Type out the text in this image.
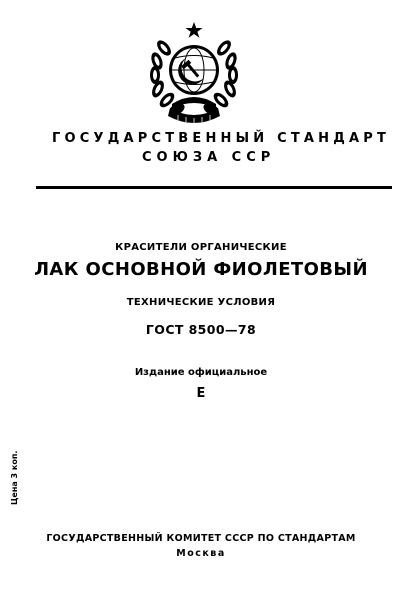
ГОСУДАРСТВЕННЫЙ СТАНДАРТ
СОЮЗА ССР
КРАСИТЕЛИ ОРГАНИЧЕСКИЕ
ЛАК ОСНОВНОЙ ФИОЛЕТОВЫЙ
ТЕХНИЧЕСКИЕ УСЛОВИЯ
ГОСТ 8500—78
Издание официальное
Е
Цена 3 коп.
ГОСУДАРСТВЕННЫЙ КОМИТЕТ СССР ПО СТАНДАРТАМ
Москва
